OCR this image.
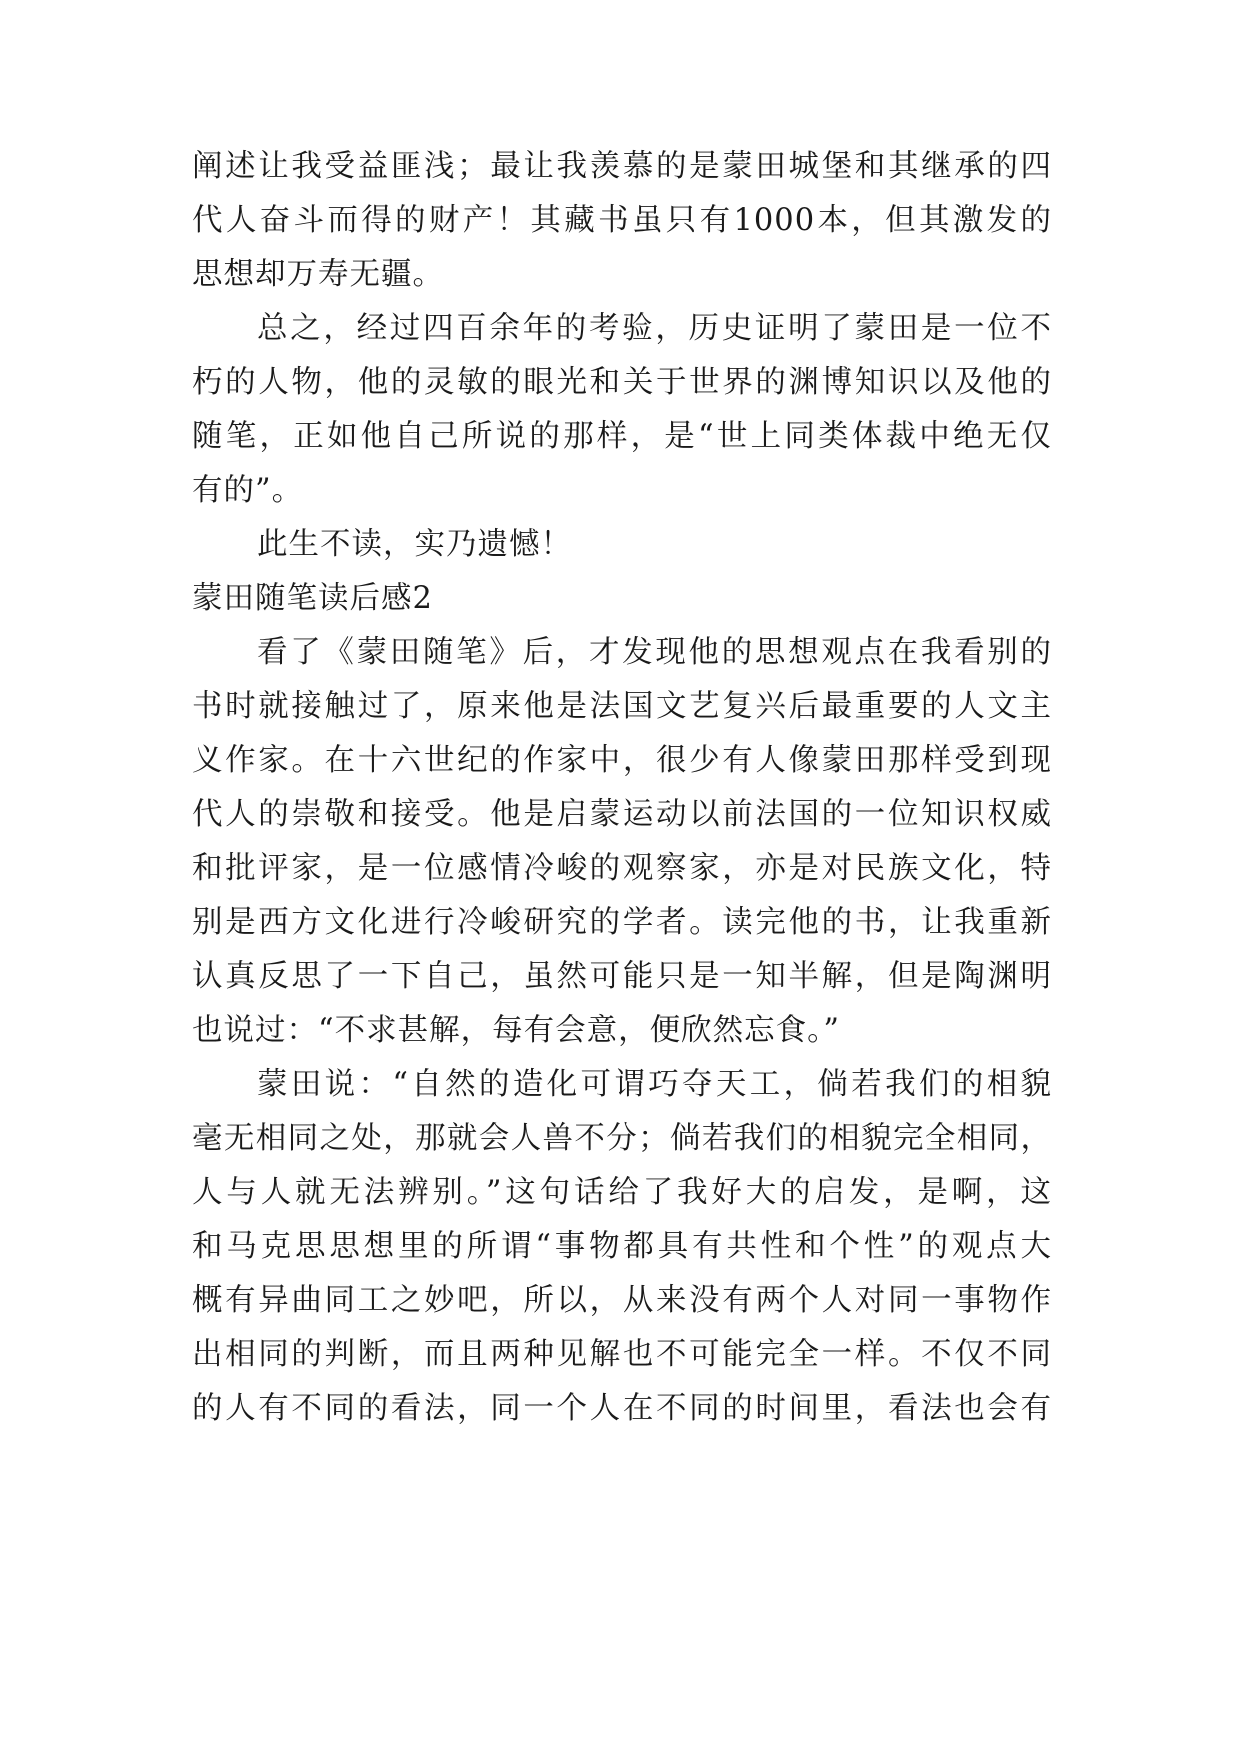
阐述让我受益匪浅；最让我羡慕的是蒙田城堡和其继承的四
代人奋斗而得的财产！其藏书虽只有1000本，但其激发的
思想却万寿无疆。
总之，经过四百余年的考验，历史证明了蒙田是一位不
朽的人物，他的灵敏的眼光和关于世界的渊博知识以及他的
随笔，正如他自己所说的那样，是“世上同类体裁中绝无仅
有的”。
此生不读，实乃遗憾！
蒙田随笔读后感2
看了《蒙田随笔》后，才发现他的思想观点在我看别的
书时就接触过了，原来他是法国文艺复兴后最重要的人文主
义作家。在十六世纪的作家中，很少有人像蒙田那样受到现
代人的崇敬和接受。他是启蒙运动以前法国的一位知识权威
和批评家，是一位感情冷峻的观察家，亦是对民族文化，特
别是西方文化进行冷峻研究的学者。读完他的书，让我重新
认真反思了一下自己，虽然可能只是一知半解，但是陶渊明
也说过：“不求甚解，每有会意，便欣然忘食。”
蒙田说：“自然的造化可谓巧夺天工，倘若我们的相貌
毫无相同之处，那就会人兽不分；倘若我们的相貌完全相同，
人与人就无法辨别。”这句话给了我好大的启发，是啊，这
和马克思思想里的所谓“事物都具有共性和个性”的观点大
概有异曲同工之妙吧，所以，从来没有两个人对同一事物作
出相同的判断，而且两种见解也不可能完全一样。不仅不同
的人有不同的看法，同一个人在不同的时间里，看法也会有
